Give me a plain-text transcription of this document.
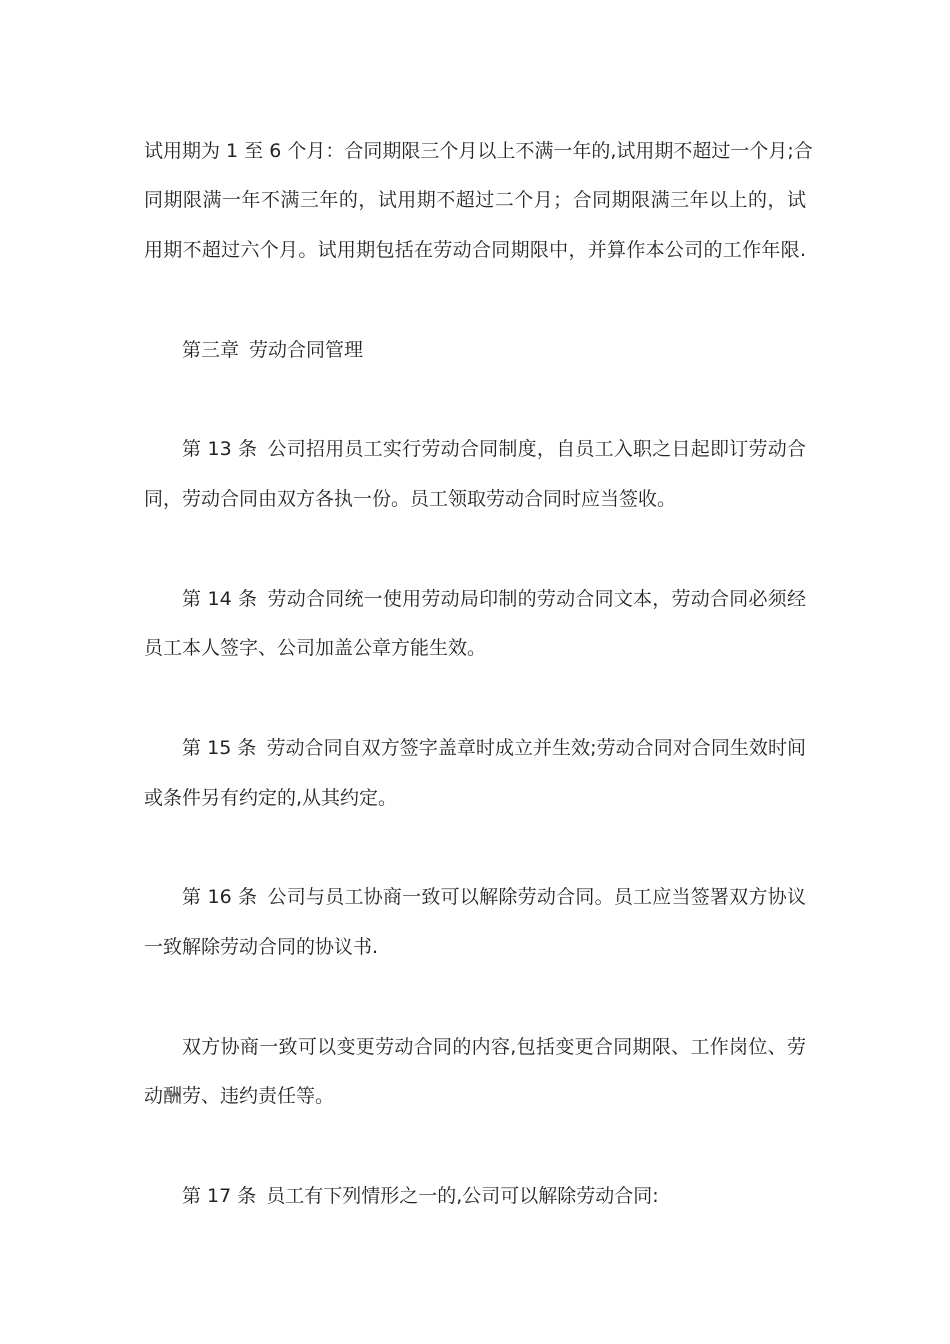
试用期为 1 至 6 个月：合同期限三个月以上不满一年的,试用期不超过一个月;合
同期限满一年不满三年的，试用期不超过二个月；合同期限满三年以上的，试
用期不超过六个月。试用期包括在劳动合同期限中，并算作本公司的工作年限.
第三章 劳动合同管理
第 13 条 公司招用员工实行劳动合同制度，自员工入职之日起即订劳动合
同，劳动合同由双方各执一份。员工领取劳动合同时应当签收。
第 14 条 劳动合同统一使用劳动局印制的劳动合同文本，劳动合同必须经
员工本人签字、公司加盖公章方能生效。
第 15 条 劳动合同自双方签字盖章时成立并生效;劳动合同对合同生效时间
或条件另有约定的,从其约定。
第 16 条 公司与员工协商一致可以解除劳动合同。员工应当签署双方协议
一致解除劳动合同的协议书.
双方协商一致可以变更劳动合同的内容,包括变更合同期限、工作岗位、劳
动酬劳、违约责任等。
第 17 条 员工有下列情形之一的,公司可以解除劳动合同:
